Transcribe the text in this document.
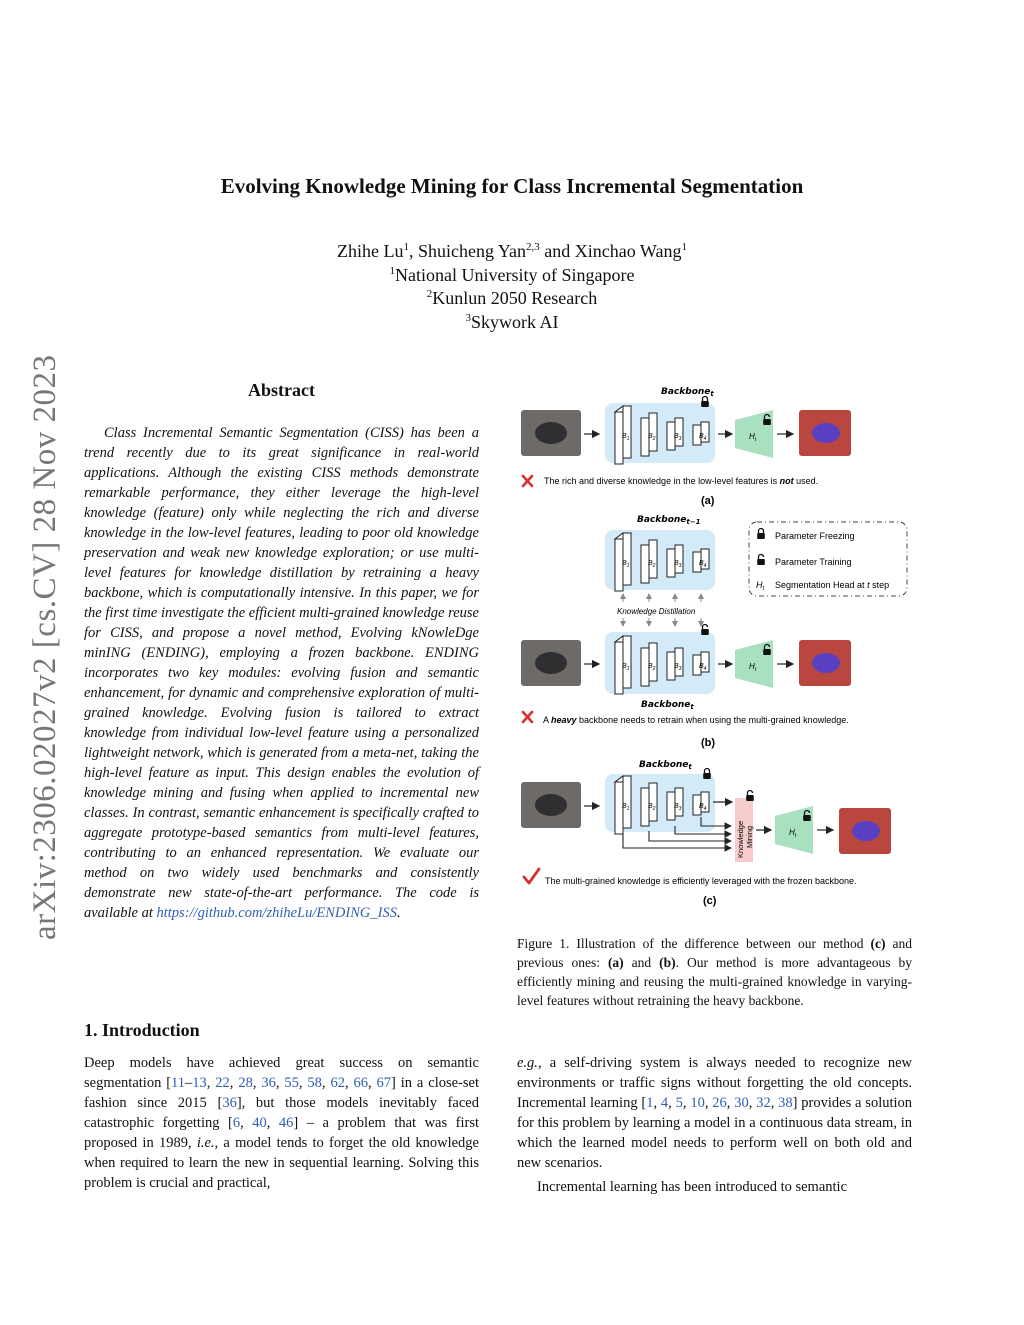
Evolving Knowledge Mining for Class Incremental Segmentation
Zhihe Lu$^1$, Shuicheng Yan$^{2,3}$ and Xinchao Wang$^1$
$^1$National University of Singapore
$^2$Kunlun 2050 Research
$^3$Skywork AI
arXiv:2306.02027v2 [cs.CV] 28 Nov 2023	Abstract

Class Incremental Semantic Segmentation (CISS) has been a trend recently due to its great significance in real-world applications. Although the existing CISS methods demonstrate remarkable performance, they either leverage the high-level knowledge (feature) only while neglecting the rich and diverse knowledge in the low-level features, leading to poor old knowledge preservation and weak new knowledge exploration; or use multi-level features for knowledge distillation by retraining a heavy backbone, which is computationally intensive. In this paper, we for the first time investigate the efficient multi-grained knowledge reuse for CISS, and propose a novel method, Evolving kNowleDge minING (ENDING), employing a frozen backbone. ENDING incorporates two key modules: evolving fusion and semantic enhancement, for dynamic and comprehensive exploration of multi-grained knowledge. Evolving fusion is tailored to extract knowledge from individual low-level feature using a personalized lightweight network, which is generated from a meta-net, taking the high-level feature as input. This design enables the evolution of knowledge mining and fusing when applied to incremental new classes. In contrast, semantic enhancement is specifically crafted to aggregate prototype-based semantics from multi-level features, contributing to an enhanced representation. We evaluate our method on two widely used benchmarks and consistently demonstrate new state-of-the-art performance. The code is available at https://github.com/zhiheLu/ENDING_ISS.

1. Introduction

Deep models have achieved great success on semantic segmentation [11–13, 22, 28, 36, 55, 58, 62, 66, 67] in a close-set fashion since 2015 [36], but those models inevitably faced catastrophic forgetting [6, 40, 46] – a problem that was first proposed in 1989, i.e., a model tends to forget the old knowledge when required to learn the new in sequential learning. Solving this problem is crucial and practical,

e.g., a self-driving system is always needed to recognize new environments or traffic signs without forgetting the old concepts. Incremental learning [1, 4, 5, 10, 26, 30, 32, 38] provides a solution for this problem by learning a model in a continuous data stream, in which the learned model needs to perform well on both old and new scenarios.

Incremental learning has been introduced to semantic

Figure 1. Illustration of the difference between our method (c) and previous ones: (a) and (b). Our method is more advantageous by efficiently mining and reusing the multi-grained knowledge in varying-level features without retraining the heavy backbone.
Backbone$_t$
$B_1$	$B_2$	$B_3$	$B_4$	$H_t$
The rich and diverse knowledge in the low-level features is not used.
(a)
Backbone$_{t-1}$
$B_1$	$B_2$	$B_3$	$B_4$
Knowledge Distillation
$B_1$	$B_2$	$B_3$	$B_4$	$H_t$
Backbone$_t$
Parameter Freezing
Parameter Training
$H_t$ Segmentation Head at t step
A heavy backbone needs to retrain when using the multi-grained knowledge.
(b)
Backbone$_t$
$B_1$	$B_2$	$B_3$	$B_4$
Knowledge Mining	$H_t$
The multi-grained knowledge is efficiently leveraged with the frozen backbone.
(c)
